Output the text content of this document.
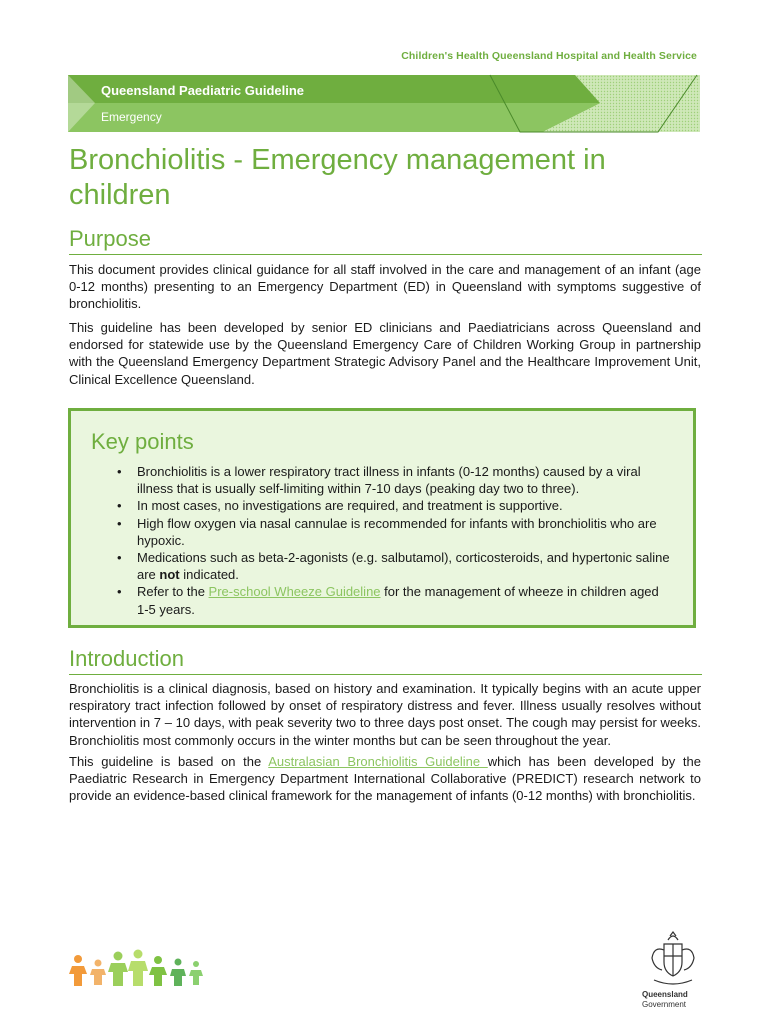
Children's Health Queensland Hospital and Health Service
Queensland Paediatric Guideline
Emergency
Bronchiolitis - Emergency management in children
Purpose

This document provides clinical guidance for all staff involved in the care and management of an infant (age 0-12 months) presenting to an Emergency Department (ED) in Queensland with symptoms suggestive of bronchiolitis.

This guideline has been developed by senior ED clinicians and Paediatricians across Queensland and endorsed for statewide use by the Queensland Emergency Care of Children Working Group in partnership with the Queensland Emergency Department Strategic Advisory Panel and the Healthcare Improvement Unit, Clinical Excellence Queensland.

Key points
• Bronchiolitis is a lower respiratory tract illness in infants (0-12 months) caused by a viral illness that is usually self-limiting within 7-10 days (peaking day two to three).
• In most cases, no investigations are required, and treatment is supportive.
• High flow oxygen via nasal cannulae is recommended for infants with bronchiolitis who are hypoxic.
• Medications such as beta-2-agonists (e.g. salbutamol), corticosteroids, and hypertonic saline are not indicated.
• Refer to the Pre-school Wheeze Guideline for the management of wheeze in children aged 1-5 years.
Introduction

Bronchiolitis is a clinical diagnosis, based on history and examination. It typically begins with an acute upper respiratory tract infection followed by onset of respiratory distress and fever. Illness usually resolves without intervention in 7 – 10 days, with peak severity two to three days post onset. The cough may persist for weeks. Bronchiolitis most commonly occurs in the winter months but can be seen throughout the year.

This guideline is based on the Australasian Bronchiolitis Guideline which has been developed by the Paediatric Research in Emergency Department International Collaborative (PREDICT) research network to provide an evidence-based clinical framework for the management of infants (0-12 months) with bronchiolitis.

Queensland
Government
